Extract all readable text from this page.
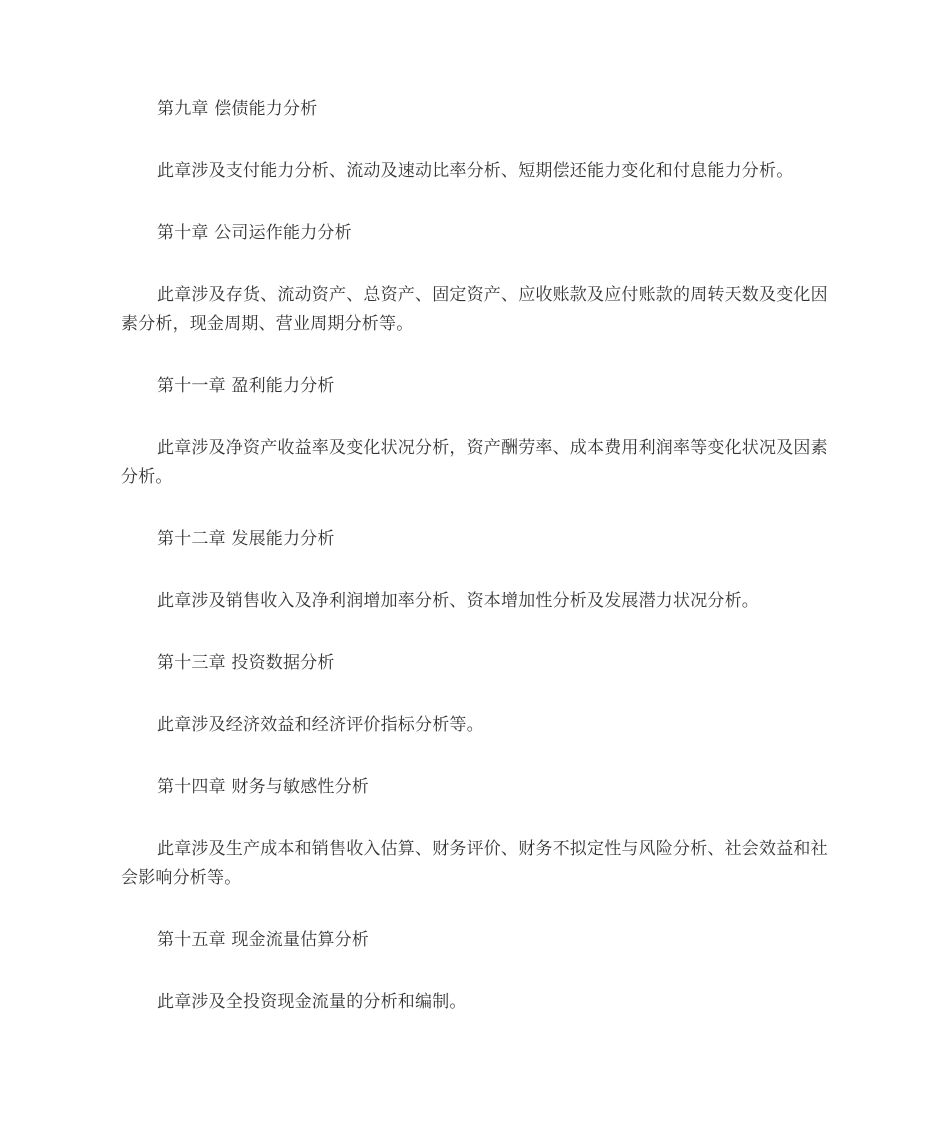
第九章 偿债能力分析

此章涉及支付能力分析、流动及速动比率分析、短期偿还能力变化和付息能力分析。

第十章 公司运作能力分析

此章涉及存货、流动资产、总资产、固定资产、应收账款及应付账款的周转天数及变化因素分析，现金周期、营业周期分析等。

第十一章 盈利能力分析

此章涉及净资产收益率及变化状况分析，资产酬劳率、成本费用利润率等变化状况及因素分析。

第十二章 发展能力分析

此章涉及销售收入及净利润增加率分析、资本增加性分析及发展潜力状况分析。

第十三章 投资数据分析

此章涉及经济效益和经济评价指标分析等。

第十四章 财务与敏感性分析

此章涉及生产成本和销售收入估算、财务评价、财务不拟定性与风险分析、社会效益和社会影响分析等。

第十五章 现金流量估算分析

此章涉及全投资现金流量的分析和编制。
